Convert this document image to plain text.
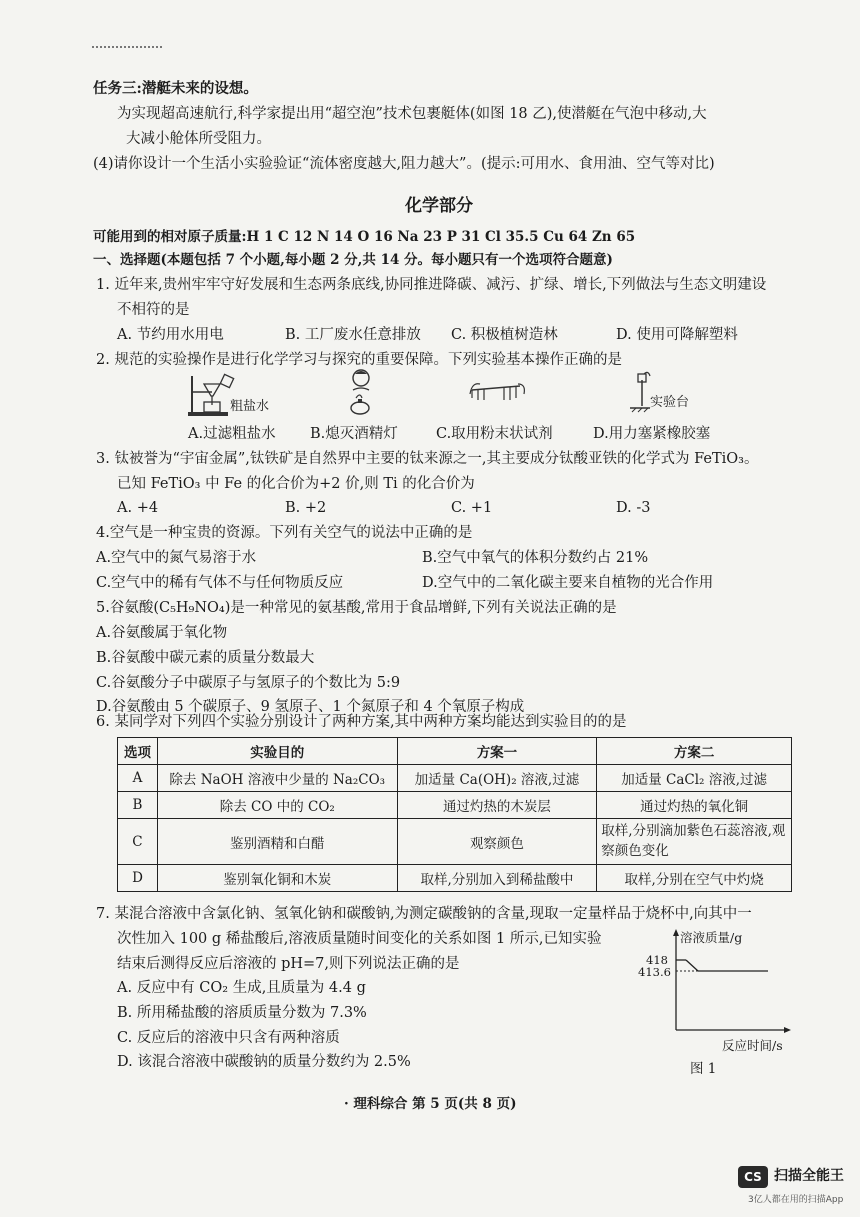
任务三:潜艇未来的设想。
为实现超高速航行,科学家提出用“超空泡”技术包裹艇体(如图 18 乙),使潜艇在气泡中移动,大
大减小舱体所受阻力。
(4)请你设计一个生活小实验验证“流体密度越大,阻力越大”。(提示:可用水、食用油、空气等对比)
化学部分
可能用到的相对原子质量:H 1 C 12 N 14 O 16 Na 23 P 31 Cl 35.5 Cu 64 Zn 65
一、选择题(本题包括 7 个小题,每小题 2 分,共 14 分。每小题只有一个选项符合题意)
1. 近年来,贵州牢牢守好发展和生态两条底线,协同推进降碳、减污、扩绿、增长,下列做法与生态文明建设
不相符的是
A. 节约用水用电	B. 工厂废水任意排放 C. 积极植树造林	D. 使用可降解塑料
2. 规范的实验操作是进行化学学习与探究的重要保障。下列实验基本操作正确的是
粗盐水	实验台
A.过滤粗盐水 B.熄灭酒精灯	C.取用粉末状试剂	D.用力塞紧橡胶塞
3. 钛被誉为“宇宙金属”,钛铁矿是自然界中主要的钛来源之一,其主要成分钛酸亚铁的化学式为 FeTiO₃。
已知 FeTiO₃ 中 Fe 的化合价为+2 价,则 Ti 的化合价为
A. +4	B. +2	C. +1	D. -3
4.空气是一种宝贵的资源。下列有关空气的说法中正确的是
A.空气中的氮气易溶于水	B.空气中氧气的体积分数约占 21%
C.空气中的稀有气体不与任何物质反应	D.空气中的二氧化碳主要来自植物的光合作用
5.谷氨酸(C₅H₉NO₄)是一种常见的氨基酸,常用于食品增鲜,下列有关说法正确的是
A.谷氨酸属于氧化物
B.谷氨酸中碳元素的质量分数最大
C.谷氨酸分子中碳原子与氢原子的个数比为 5:9
D.谷氨酸由 5 个碳原子、9 氢原子、1 个氮原子和 4 个氧原子构成
6. 某同学对下列四个实验分别设计了两种方案,其中两种方案均能达到实验目的的是
选项	实验目的	方案一	方案二
A	除去 NaOH 溶液中少量的 Na₂CO₃	加适量 Ca(OH)₂ 溶液,过滤	加适量 CaCl₂ 溶液,过滤
B	除去 CO 中的 CO₂	通过灼热的木炭层	通过灼热的氧化铜
C	鉴别酒精和白醋	观察颜色	取样,分别滴加紫色石蕊溶液,观察颜色变化
D	鉴别氧化铜和木炭	取样,分别加入到稀盐酸中	取样,分别在空气中灼烧
7. 某混合溶液中含氯化钠、氢氧化钠和碳酸钠,为测定碳酸钠的含量,现取一定量样品于烧杯中,向其中一
次性加入 100 g 稀盐酸后,溶液质量随时间变化的关系如图 1 所示,已知实验
结束后测得反应后溶液的 pH=7,则下列说法正确的是
A. 反应中有 CO₂ 生成,且质量为 4.4 g
B. 所用稀盐酸的溶质质量分数为 7.3%
C. 反应后的溶液中只含有两种溶质
D. 该混合溶液中碳酸钠的质量分数约为 2.5%
溶液质量/g
418
413.6
反应时间/s
图 1
· 理科综合 第 5 页(共 8 页)
CS 扫描全能王
3亿人都在用的扫描App
